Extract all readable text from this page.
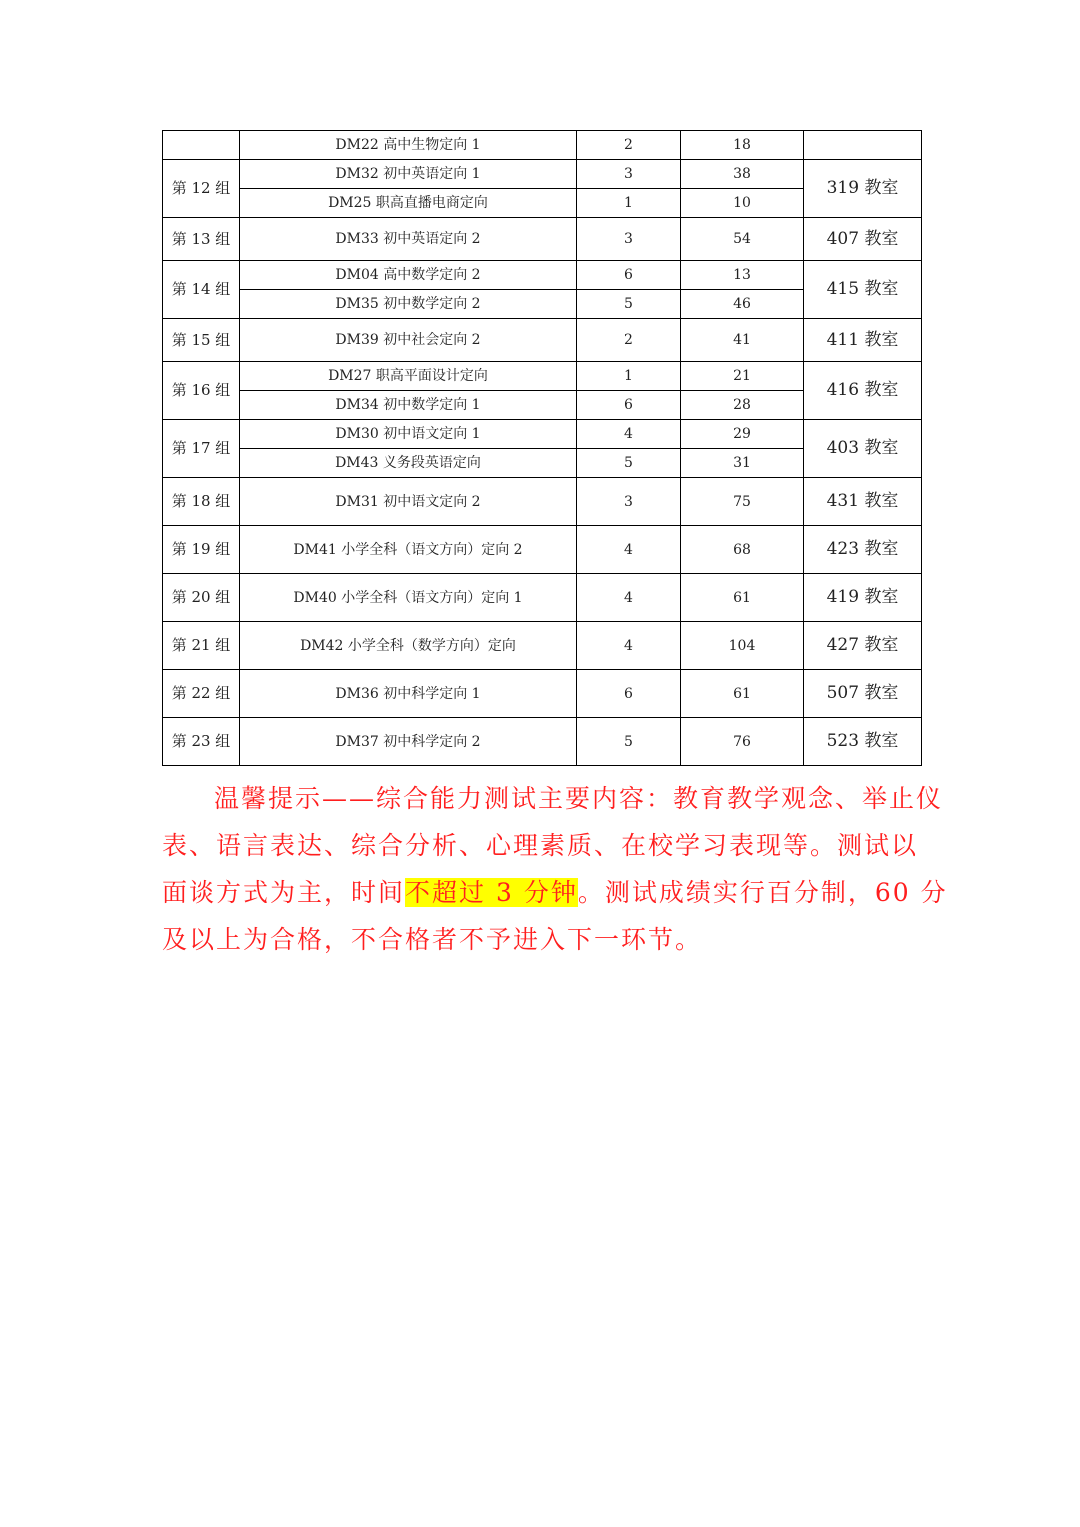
	DM22 高中生物定向 1	2	18	
第 12 组	DM32 初中英语定向 1	3	38	319 教室
	DM25 职高直播电商定向	1	10	
第 13 组	DM33 初中英语定向 2	3	54	407 教室
第 14 组	DM04 高中数学定向 2	6	13	415 教室
	DM35 初中数学定向 2	5	46	
第 15 组	DM39 初中社会定向 2	2	41	411 教室
第 16 组	DM27 职高平面设计定向	1	21	416 教室
	DM34 初中数学定向 1	6	28	
第 17 组	DM30 初中语文定向 1	4	29	403 教室
	DM43 义务段英语定向	5	31	
第 18 组	DM31 初中语文定向 2	3	75	431 教室
第 19 组	DM41 小学全科（语文方向）定向 2	4	68	423 教室
第 20 组	DM40 小学全科（语文方向）定向 1	4	61	419 教室
第 21 组	DM42 小学全科（数学方向）定向	4	104	427 教室
第 22 组	DM36 初中科学定向 1	6	61	507 教室
第 23 组	DM37 初中科学定向 2	5	76	523 教室
温馨提示——综合能力测试主要内容：教育教学观念、举止仪
表、语言表达、综合分析、心理素质、在校学习表现等。测试以
面谈方式为主，时间不超过 3 分钟。测试成绩实行百分制，60 分
及以上为合格，不合格者不予进入下一环节。
